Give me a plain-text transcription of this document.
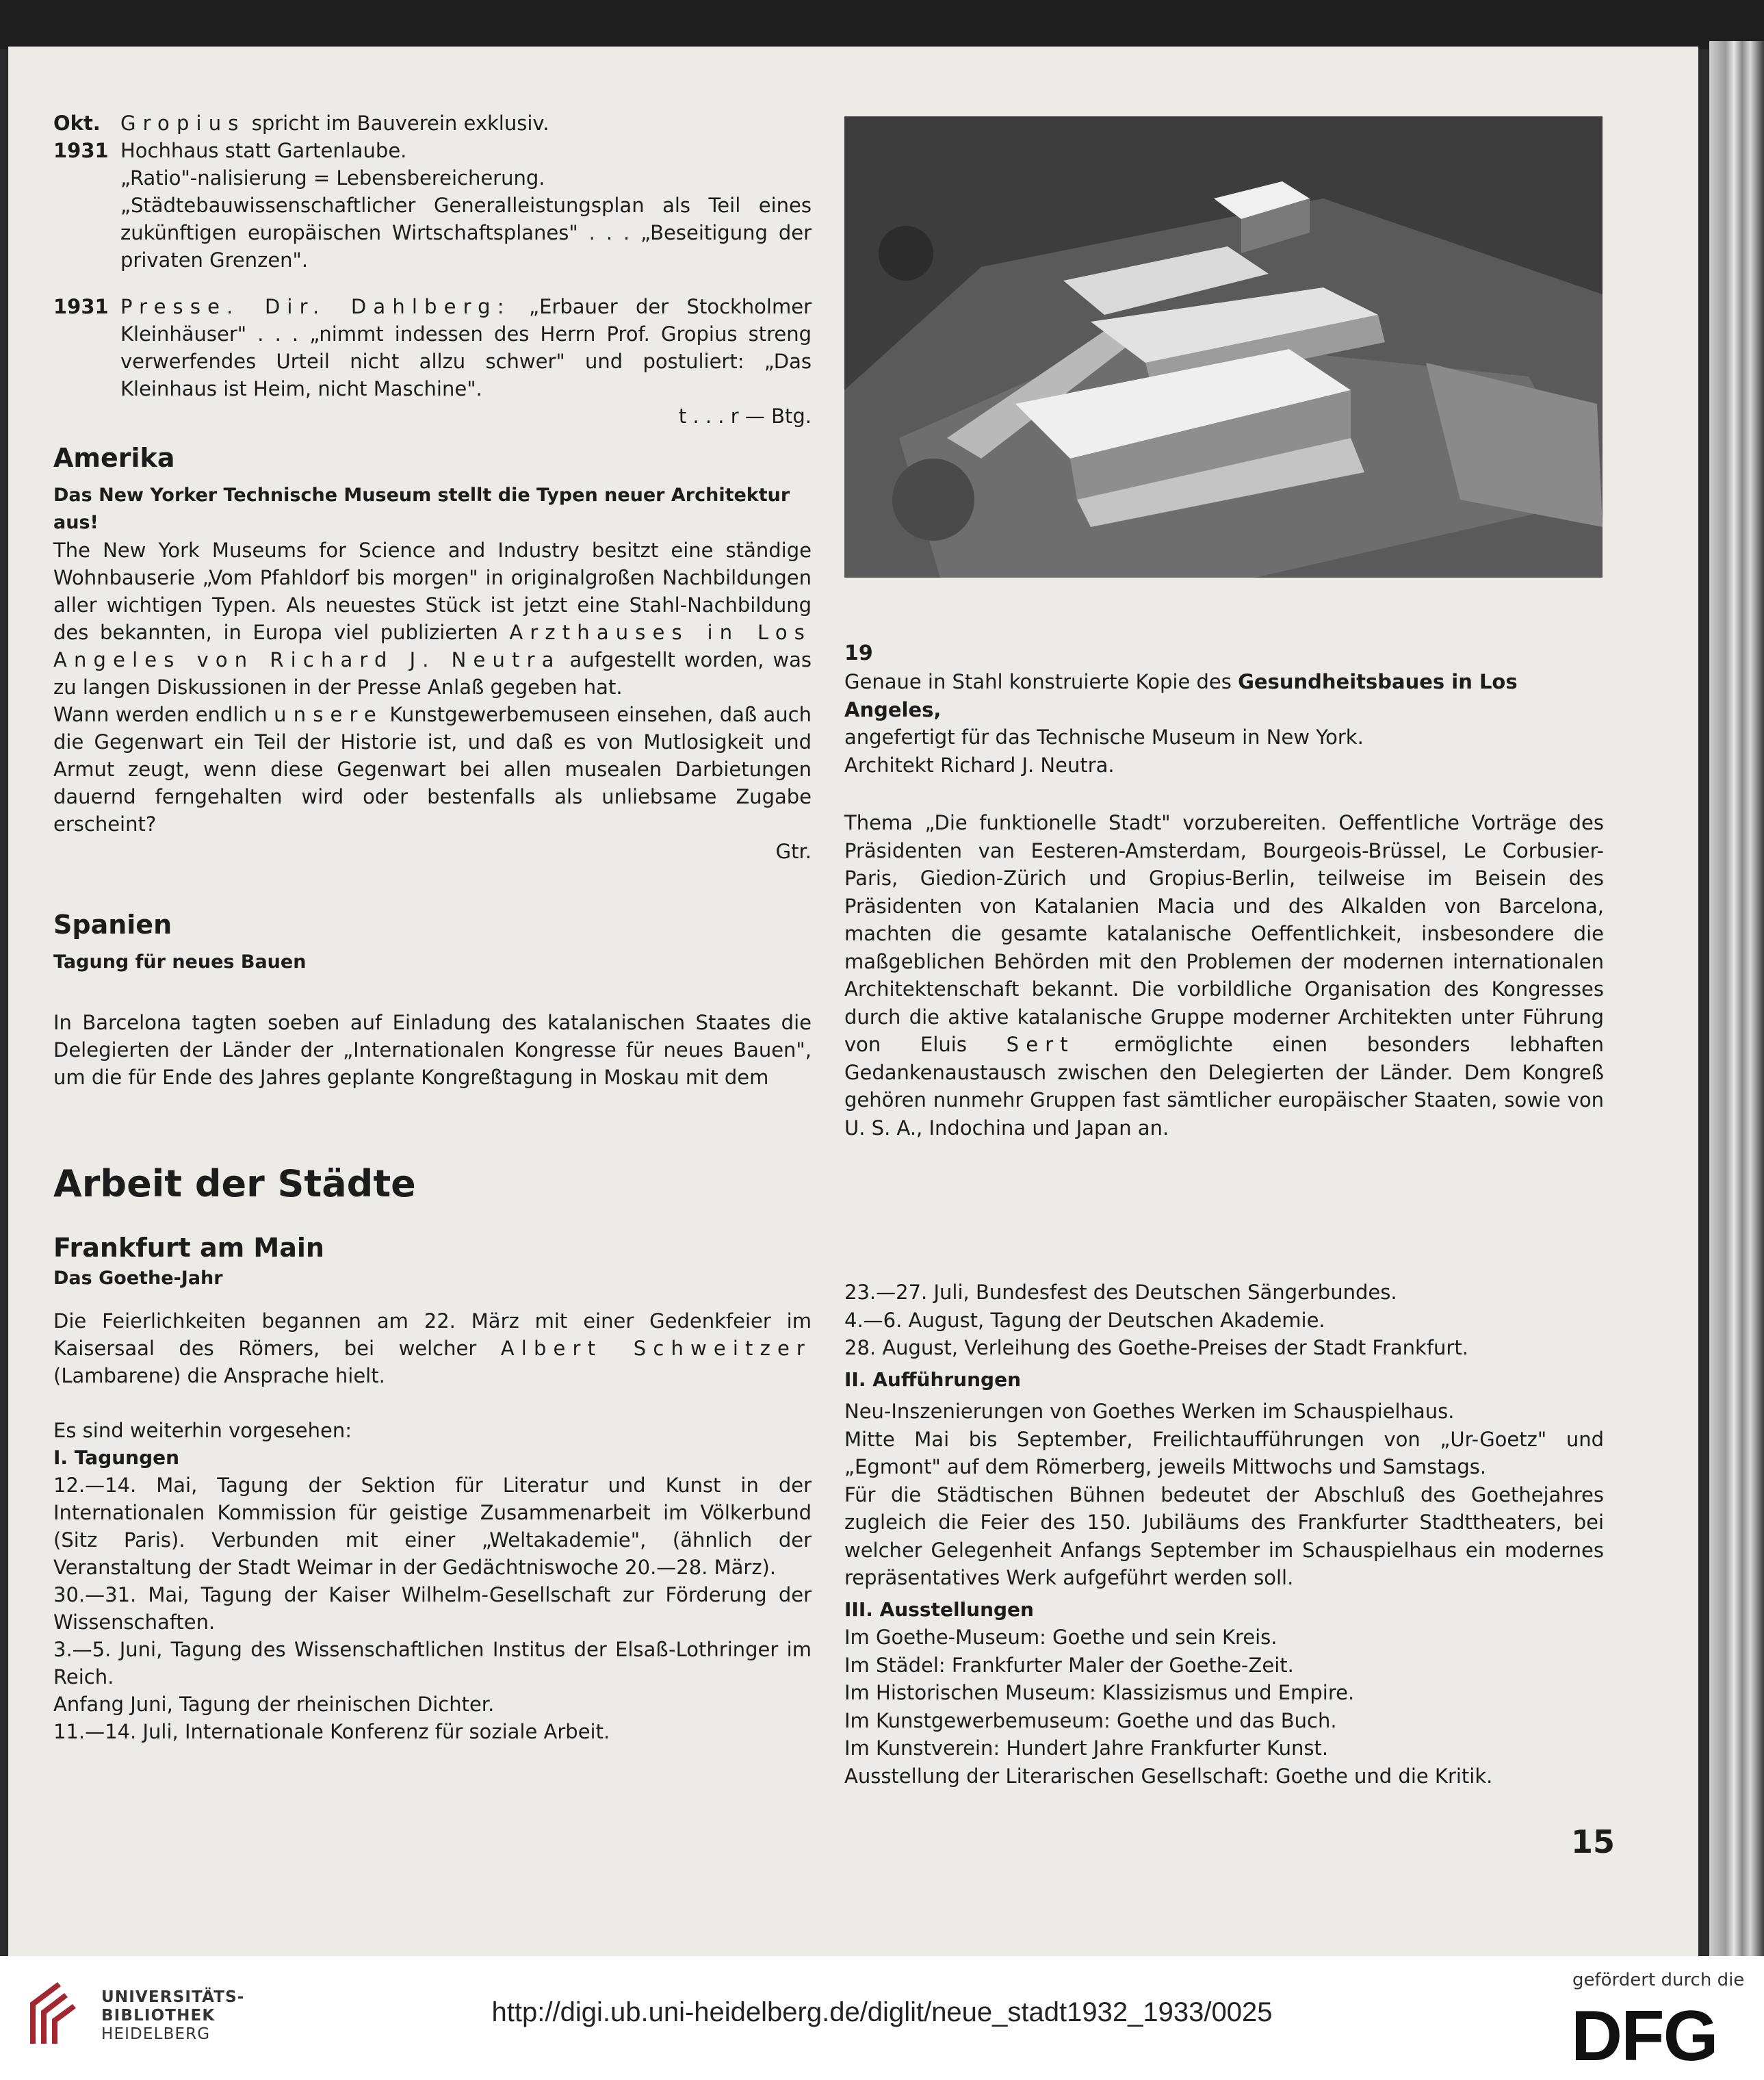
Okt. 1931

Gropius spricht im Bauverein exklusiv.

Hochhaus statt Gartenlaube.

„Ratio"-nalisierung = Lebensbereicherung.

„Städtebauwissenschaftlicher Generalleistungsplan als Teil eines zukünftigen europäischen Wirtschaftsplanes" . . . „Beseitigung der privaten Grenzen".

1931 Presse. Dir. Dahlberg: „Erbauer der Stockholmer Kleinhäuser" . . . „nimmt indessen des Herrn Prof. Gropius streng verwerfendes Urteil nicht allzu schwer" und postuliert: „Das Kleinhaus ist Heim, nicht Maschine".

t . . . r — Btg.

Amerika

Das New Yorker Technische Museum stellt die Typen neuer Architektur aus!

The New York Museums for Science and Industry besitzt eine ständige Wohnbauserie „Vom Pfahldorf bis morgen" in originalgroßen Nachbildungen aller wichtigen Typen. Als neuestes Stück ist jetzt eine Stahl-Nachbildung des bekannten, in Europa viel publizierten Arzthauses in Los Angeles von Richard J. Neutra aufgestellt worden, was zu langen Diskussionen in der Presse Anlaß gegeben hat.

Wann werden endlich unsere Kunstgewerbemuseen einsehen, daß auch die Gegenwart ein Teil der Historie ist, und daß es von Mutlosigkeit und Armut zeugt, wenn diese Gegenwart bei allen musealen Darbietungen dauernd ferngehalten wird oder bestenfalls als unliebsame Zugabe erscheint?

Gtr.

Spanien

Tagung für neues Bauen

In Barcelona tagten soeben auf Einladung des katalanischen Staates die Delegierten der Länder der „Internationalen Kongresse für neues Bauen", um die für Ende des Jahres geplante Kongreßtagung in Moskau mit dem

Arbeit der Städte
Frankfurt am Main

Das Goethe-Jahr

Die Feierlichkeiten begannen am 22. März mit einer Gedenkfeier im Kaisersaal des Römers, bei welcher Albert Schweitzer (Lambarene) die Ansprache hielt.

Es sind weiterhin vorgesehen:

I. Tagungen

12.—14. Mai, Tagung der Sektion für Literatur und Kunst in der Internationalen Kommission für geistige Zusammenarbeit im Völkerbund (Sitz Paris). Verbunden mit einer „Weltakademie", (ähnlich der Veranstaltung der Stadt Weimar in der Gedächtniswoche 20.—28. März).

30.—31. Mai, Tagung der Kaiser Wilhelm-Gesellschaft zur Förderung der Wissenschaften.

3.—5. Juni, Tagung des Wissenschaftlichen Institus der Elsaß-Lothringer im Reich.

Anfang Juni, Tagung der rheinischen Dichter.

11.—14. Juli, Internationale Konferenz für soziale Arbeit.

19

Genaue in Stahl konstruierte Kopie des Gesundheitsbaues in Los Angeles,

angefertigt für das Technische Museum in New York.

Architekt Richard J. Neutra.

Thema „Die funktionelle Stadt" vorzubereiten. Oeffentliche Vorträge des Präsidenten van Eesteren-Amsterdam, Bourgeois-Brüssel, Le Corbusier-Paris, Giedion-Zürich und Gropius-Berlin, teilweise im Beisein des Präsidenten von Katalanien Macia und des Alkalden von Barcelona, machten die gesamte katalanische Oeffentlichkeit, insbesondere die maßgeblichen Behörden mit den Problemen der modernen internationalen Architektenschaft bekannt. Die vorbildliche Organisation des Kongresses durch die aktive katalanische Gruppe moderner Architekten unter Führung von Eluis Sert ermöglichte einen besonders lebhaften Gedankenaustausch zwischen den Delegierten der Länder. Dem Kongreß gehören nunmehr Gruppen fast sämtlicher europäischer Staaten, sowie von U. S. A., Indochina und Japan an.

23.—27. Juli, Bundesfest des Deutschen Sängerbundes.

4.—6. August, Tagung der Deutschen Akademie.

28. August, Verleihung des Goethe-Preises der Stadt Frankfurt.

II. Aufführungen

Neu-Inszenierungen von Goethes Werken im Schauspielhaus.

Mitte Mai bis September, Freilichtaufführungen von „Ur-Goetz" und „Egmont" auf dem Römerberg, jeweils Mittwochs und Samstags.

Für die Städtischen Bühnen bedeutet der Abschluß des Goethejahres zugleich die Feier des 150. Jubiläums des Frankfurter Stadttheaters, bei welcher Gelegenheit Anfangs September im Schauspielhaus ein modernes repräsentatives Werk aufgeführt werden soll.

III. Ausstellungen

Im Goethe-Museum: Goethe und sein Kreis.

Im Städel: Frankfurter Maler der Goethe-Zeit.

Im Historischen Museum: Klassizismus und Empire.

Im Kunstgewerbemuseum: Goethe und das Buch.

Im Kunstverein: Hundert Jahre Frankfurter Kunst.

Ausstellung der Literarischen Gesellschaft: Goethe und die Kritik.

15
UNIVERSITÄTS-
BIBLIOTHEK
HEIDELBERG
http://digi.ub.uni-heidelberg.de/diglit/neue_stadt1932_1933/0025
gefördert durch die
DFG
